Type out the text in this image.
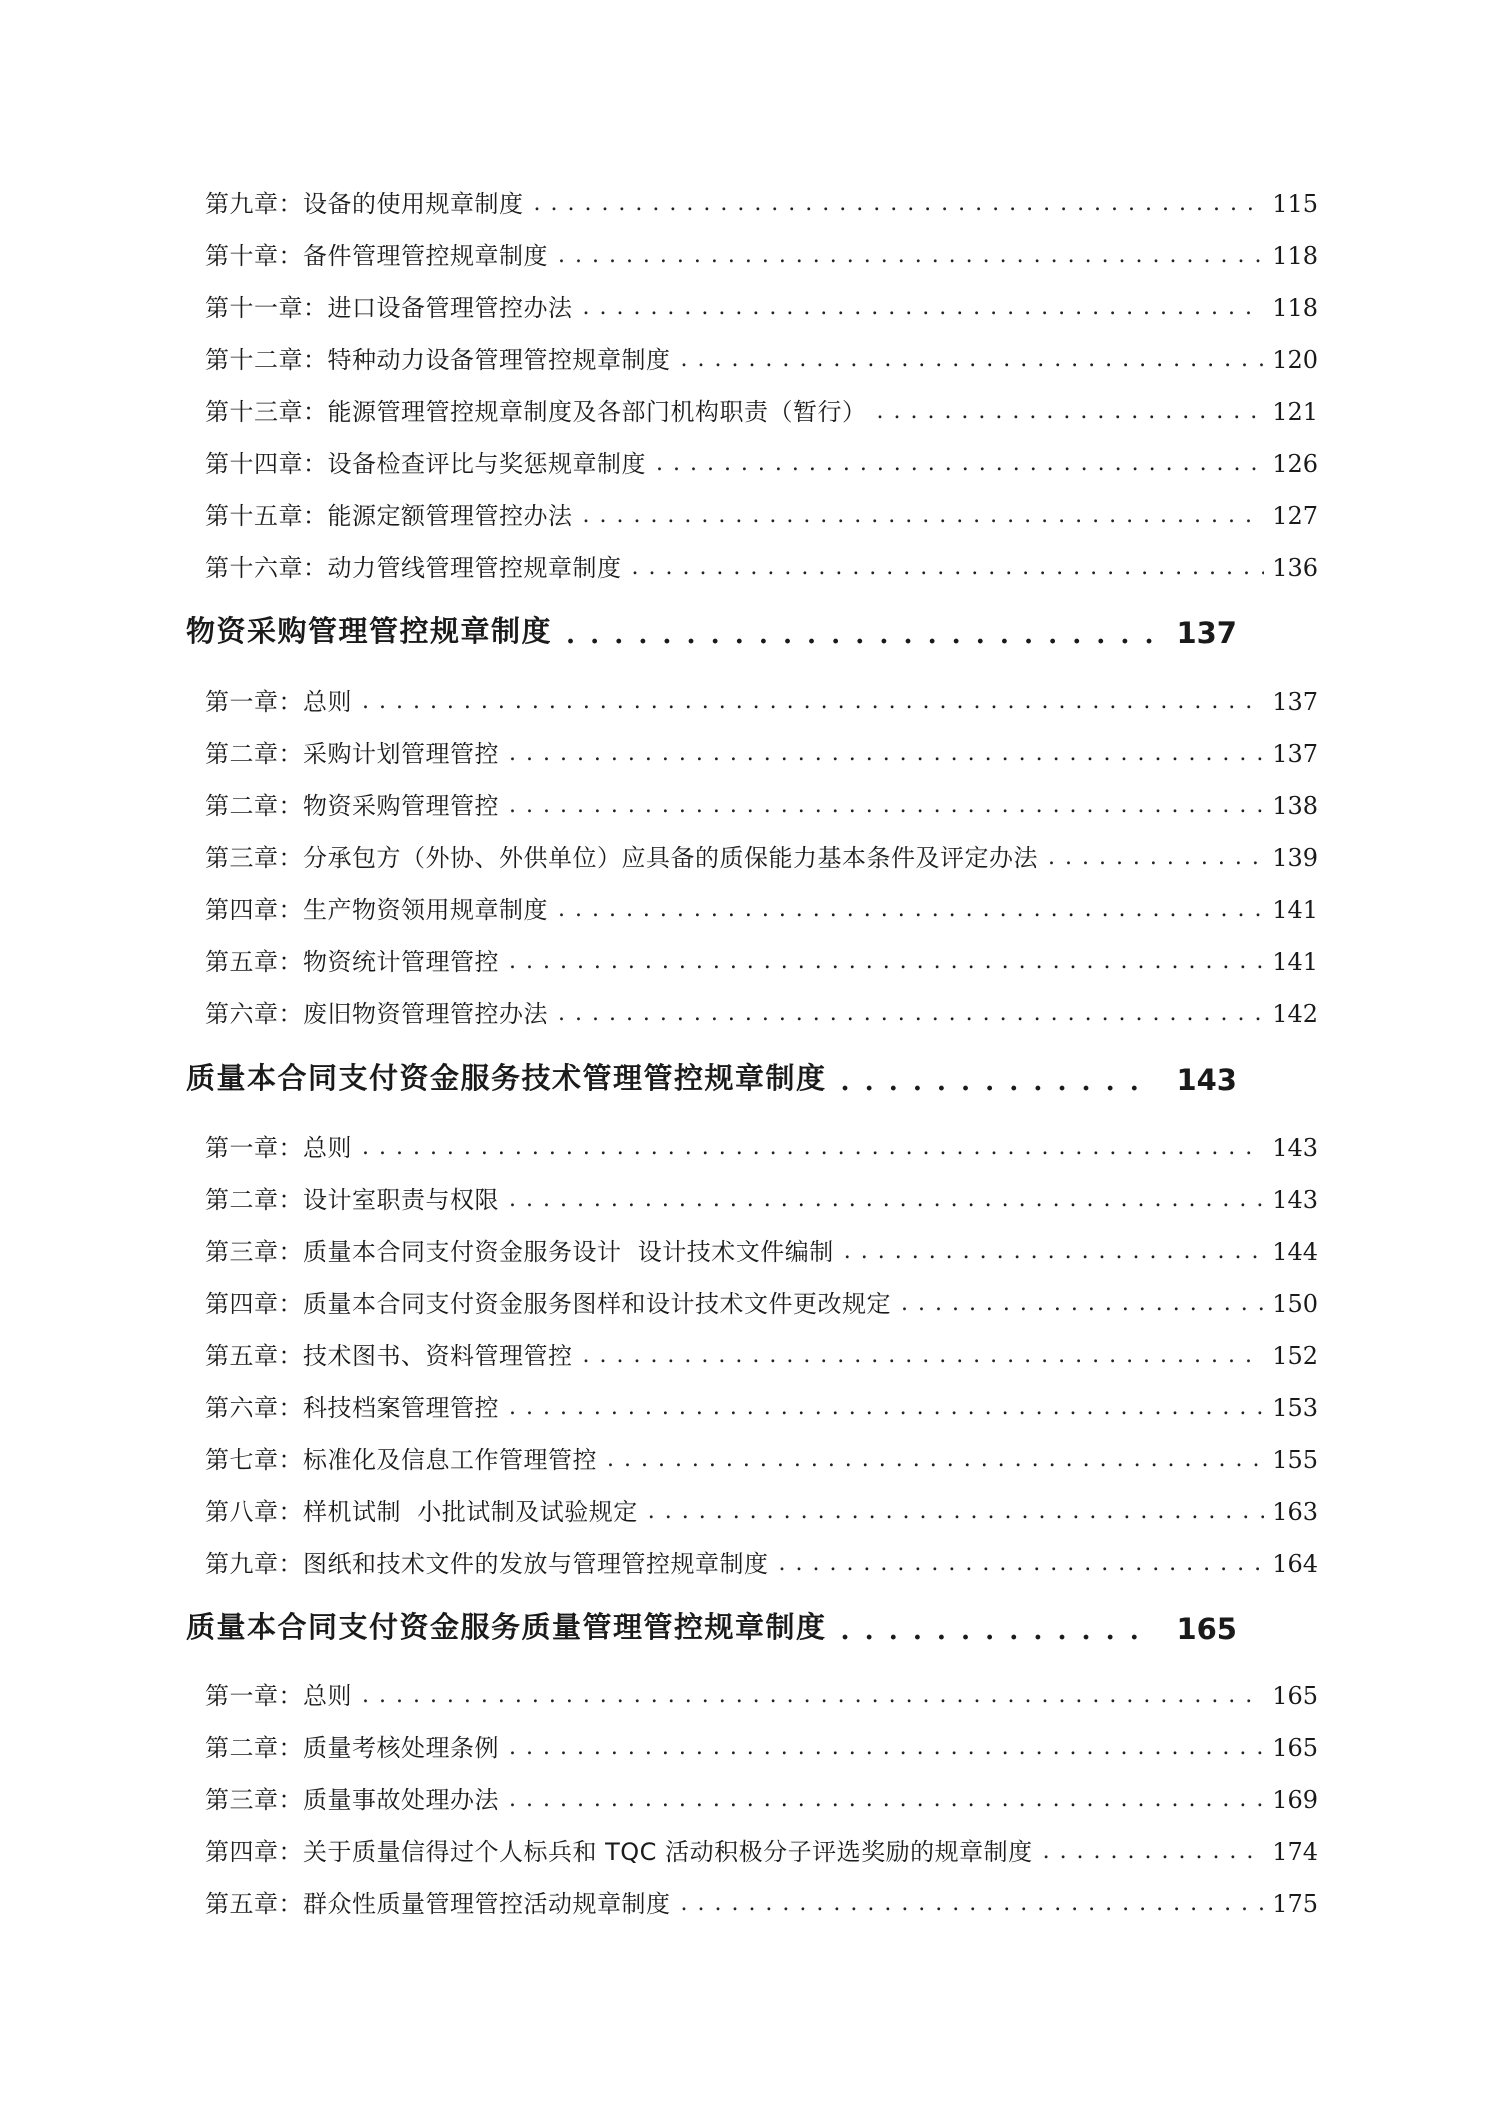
第九章：设备的使用规章制度 . . .	115
第十章：备件管理管控规章制度 . . .	118
第十一章：进口设备管理管控办法 . . .	118
第十二章：特种动力设备管理管控规章制度 . . .	120
第十三章：能源管理管控规章制度及各部门机构职责（暂行） . . .	121
第十四章：设备检查评比与奖惩规章制度 . . .	126
第十五章：能源定额管理管控办法 . . .	127
第十六章：动力管线管理管控规章制度 . . .	136
物资采购管理管控规章制度 . . .	137
第一章：总则 . . .	137
第二章：采购计划管理管控 . . .	137
第二章：物资采购管理管控 . . .	138
第三章：分承包方（外协、外供单位）应具备的质保能力基本条件及评定办法 . . .	139
第四章：生产物资领用规章制度 . . .	141
第五章：物资统计管理管控 . . .	141
第六章：废旧物资管理管控办法 . . .	142
质量本合同支付资金服务技术管理管控规章制度 . . .	143
第一章：总则 . . .	143
第二章：设计室职责与权限 . . .	143
第三章：质量本合同支付资金服务设计  设计技术文件编制 . . .	144
第四章：质量本合同支付资金服务图样和设计技术文件更改规定 . . .	150
第五章：技术图书、资料管理管控 . . .	152
第六章：科技档案管理管控 . . .	153
第七章：标准化及信息工作管理管控 . . .	155
第八章：样机试制  小批试制及试验规定 . . .	163
第九章：图纸和技术文件的发放与管理管控规章制度 . . .	164
质量本合同支付资金服务质量管理管控规章制度 . . .	165
第一章：总则 . . .	165
第二章：质量考核处理条例 . . .	165
第三章：质量事故处理办法 . . .	169
第四章：关于质量信得过个人标兵和 TQC 活动积极分子评选奖励的规章制度 . . .	174
第五章：群众性质量管理管控活动规章制度 . . .	175
